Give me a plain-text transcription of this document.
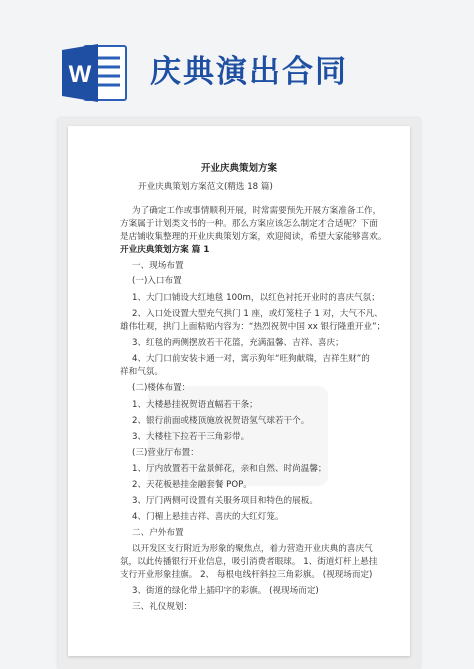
W 庆典演出合同
开业庆典策划方案
开业庆典策划方案范文(精选 18 篇)
为了确定工作或事情顺利开展，时常需要预先开展方案准备工作，
方案属于计划类文书的一种。那么方案应该怎么制定才合适呢？下面
是店铺收集整理的开业庆典策划方案，欢迎阅读，希望大家能够喜欢。
开业庆典策划方案 篇 1
一、现场布置
(一)入口布置
1、大门口铺设大红地毯 100m，以红色衬托开业时的喜庆气氛；
2、入口处设置大型充气拱门 1 座，或灯笼柱子 1 对，大气不凡、
雄伟壮观，拱门上面粘贴内容为：“热烈祝贺中国 xx 银行隆重开业”；
3、红毯的两侧摆放若干花篮，充满温馨、吉祥、喜庆；
4、大门口前安装卡通一对，寓示狗年“旺狗献瑞，吉祥生财”的
祥和气氛。
(二)楼体布置：
1、大楼悬挂祝贺语直幅若干条；
2、银行前面或楼顶施放祝贺语氢气球若干个。
3、大楼柱下拉若干三角彩带。
(三)营业厅布置：
1、厅内放置若干盆景鲜花，亲和自然、时尚温馨；
2、天花板悬挂金融套餐 POP。
3、厅门两侧可设置有关服务项目和特色的展板。
4、门楣上悬挂吉祥、喜庆的大红灯笼。
二、户外布置
以开发区支行附近为形象的聚焦点，着力营造开业庆典的喜庆气
氛，以此传播银行开业信息，吸引消费者眼球。 1、街道灯杆上悬挂
支行开业形象挂旗。 2、 每根电线杆斜拉三角彩旗。 (视现场而定)
3、街道的绿化带上插印字的彩旗。 (视现场而定)
三、礼仪规划：
